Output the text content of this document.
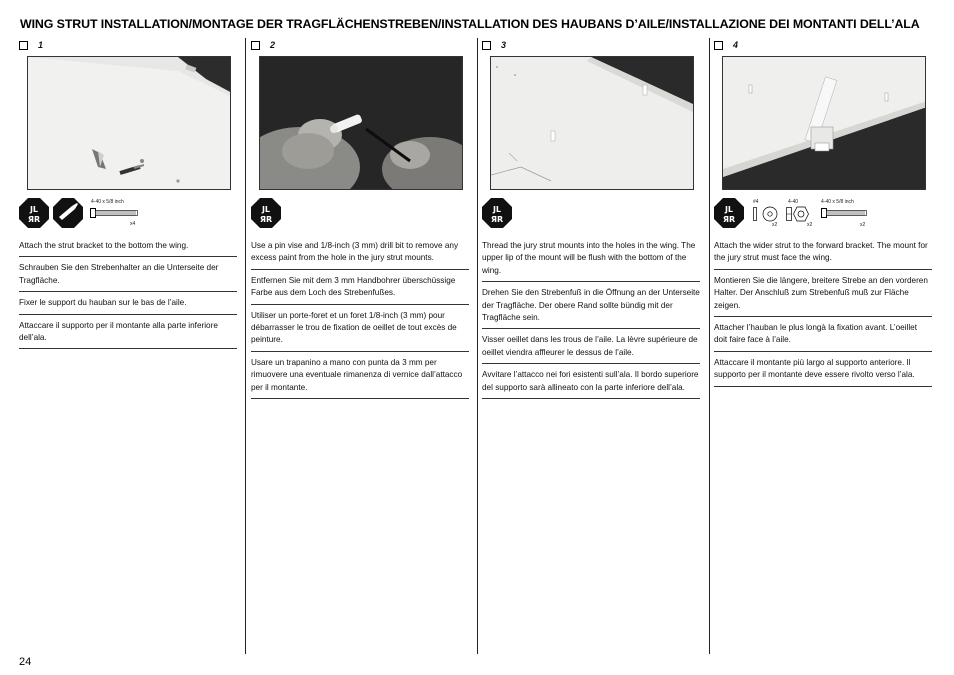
WING STRUT INSTALLATION/MONTAGE DER TRAGFLÄCHENSTREBEN/INSTALLATION DES HAUBANS D’AILE/INSTALLAZIONE DEI MONTANTI DELL’ALA
1
JL
ЯR
4-40 x 5/8 inch
x4
Attach the strut bracket to the bottom the wing.
Schrauben Sie den Strebenhalter an die Unterseite der Tragfläche.
Fixer le support du hauban sur le bas de l’aile.
Attaccare il supporto per il montante alla parte inferiore dell’ala.
2
JL
ЯR
Use a pin vise and 1/8-inch (3 mm) drill bit to remove any excess paint from the hole in the jury strut mounts.
Entfernen Sie mit dem 3 mm Handbohrer überschüssige Farbe aus dem Loch des Strebenfußes.
Utiliser un porte-foret et un foret 1/8-inch (3 mm) pour débarrasser le trou de fixation de oeillet de tout excès de peinture.
Usare un trapanino a mano con punta da 3 mm per rimuovere una eventuale rimanenza di vernice dall’attacco per il montante.
3
JL
ЯR
Thread the jury strut mounts into the holes in the wing. The upper lip of the mount will be flush with the bottom of the wing.
Drehen Sie den Strebenfuß in die Öffnung an der Unterseite der Tragfläche. Der obere Rand sollte bündig mit der Tragfläche sein.
Visser oeillet dans les trous de l’aile. La lèvre supérieure de oeillet viendra affleurer le dessus de l’aile.
Avvitare l’attacco nei fori esistenti sull’ala. Il bordo superiore del supporto sarà allineato con la parte inferiore dell’ala.
4
JL
ЯR
#4
x2
4-40
x2
4-40 x 5/8 inch
x2
Attach the wider strut to the forward bracket. The mount for the jury strut must face the wing.
Montieren Sie die längere, breitere Strebe an den vorderen Halter. Der Anschluß zum Strebenfuß muß zur Fläche zeigen.
Attacher l’hauban le plus longà la fixation avant. L’oeillet doit faire face à l’aile.
Attaccare il montante più largo al supporto anteriore. Il supporto per il montante deve essere rivolto verso l’ala.
24
